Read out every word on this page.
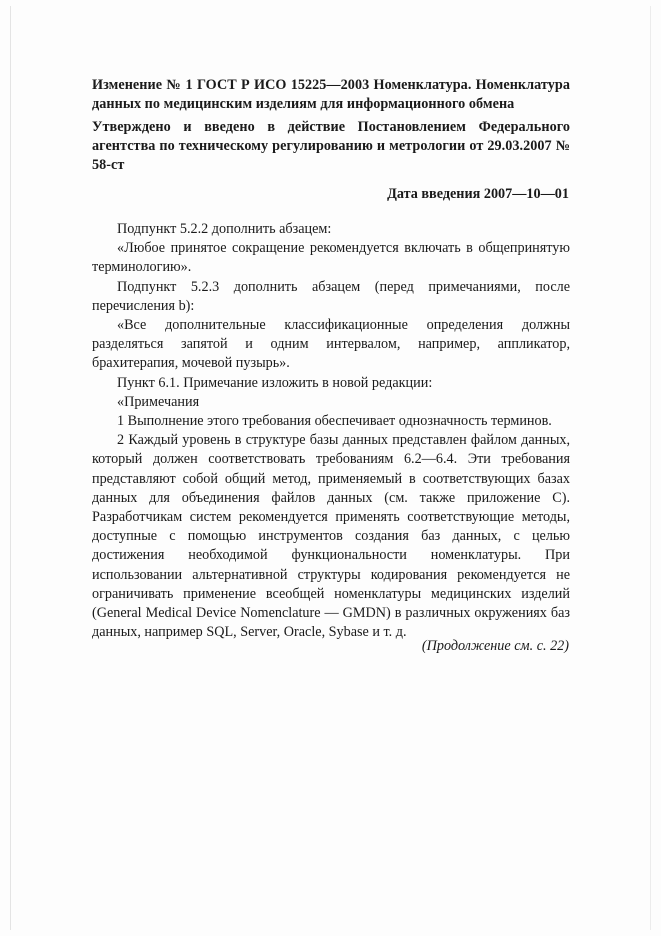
Изменение № 1 ГОСТ Р ИСО 15225—2003 Номенклатура. Номенклатура данных по медицинским изделиям для информационного обмена
Утверждено и введено в действие Постановлением Федерального агентства по техническому регулированию и метрологии от 29.03.2007 № 58-ст
Дата введения 2007—10—01

Подпункт 5.2.2 дополнить абзацем:

«Любое принятое сокращение рекомендуется включать в общепринятую терминологию».

Подпункт 5.2.3 дополнить абзацем (перед примечаниями, после перечисления b):

«Все дополнительные классификационные определения должны разделяться запятой и одним интервалом, например, аппликатор, брахитерапия, мочевой пузырь».

Пункт 6.1. Примечание изложить в новой редакции:

«Примечания

1 Выполнение этого требования обеспечивает однозначность терминов.

2 Каждый уровень в структуре базы данных представлен файлом данных, который должен соответствовать требованиям 6.2—6.4. Эти требования представляют собой общий метод, применяемый в соответствующих базах данных для объединения файлов данных (см. также приложение С). Разработчикам систем рекомендуется применять соответствующие методы, доступные с помощью инструментов создания баз данных, с целью достижения необходимой функциональности номенклатуры. При использовании альтернативной структуры кодирования рекомендуется не ограничивать применение всеобщей номенклатуры медицинских изделий (General Medical Device Nomenclature — GMDN) в различных окружениях баз данных, например SQL, Server, Oracle, Sybase и т. д.

(Продолжение см. с. 22)
